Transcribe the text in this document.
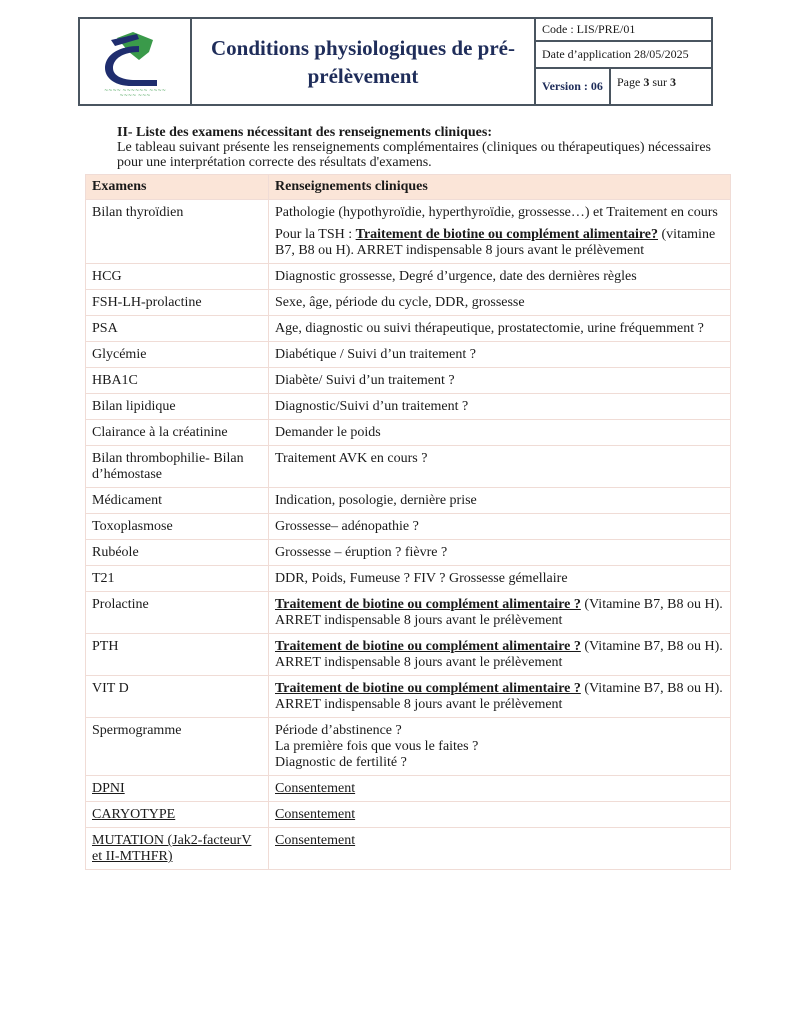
~~~~ ~~~~~~ ~~~~
~~~~ ~~~
Conditions physiologiques de pré-
prélèvement
Code : LIS/PRE/01
Date d’application 28/05/2025
Version : 06	Page 3 sur 3
II- Liste des examens nécessitant des renseignements cliniques:
Le tableau suivant présente les renseignements complémentaires (cliniques ou thérapeutiques) nécessaires pour une interprétation correcte des résultats d'examens.
Examens	Renseignements cliniques
Bilan thyroïdien	Pathologie (hypothyroïdie, hyperthyroïdie, grossesse…) et Traitement en cours
Pour la TSH : Traitement de biotine ou complément alimentaire? (vitamine B7, B8 ou H). ARRET indispensable 8 jours avant le prélèvement

HCG	Diagnostic grossesse, Degré d’urgence, date des dernières règles
FSH-LH-prolactine	Sexe, âge, période du cycle, DDR, grossesse
PSA	Age, diagnostic ou suivi thérapeutique, prostatectomie, urine fréquemment ?
Glycémie	Diabétique / Suivi d’un traitement ?
HBA1C	Diabète/ Suivi d’un traitement ?
Bilan lipidique	Diagnostic/Suivi d’un traitement ?
Clairance à la créatinine	Demander le poids
Bilan thrombophilie- Bilan d’hémostase	Traitement AVK en cours ?
Médicament	Indication, posologie, dernière prise
Toxoplasmose	Grossesse– adénopathie ?
Rubéole	Grossesse – éruption ? fièvre ?
T21	DDR, Poids, Fumeuse ? FIV ? Grossesse gémellaire
Prolactine	Traitement de biotine ou complément alimentaire ? (Vitamine B7, B8 ou H). ARRET indispensable 8 jours avant le prélèvement
PTH	Traitement de biotine ou complément alimentaire ? (Vitamine B7, B8 ou H). ARRET indispensable 8 jours avant le prélèvement
VIT D	Traitement de biotine ou complément alimentaire ? (Vitamine B7, B8 ou H). ARRET indispensable 8 jours avant le prélèvement
Spermogramme	Période d’abstinence ?
La première fois que vous le faites ?
Diagnostic de fertilité ?

DPNI	Consentement
CARYOTYPE	Consentement
MUTATION (Jak2-facteurV et II-MTHFR)	Consentement
